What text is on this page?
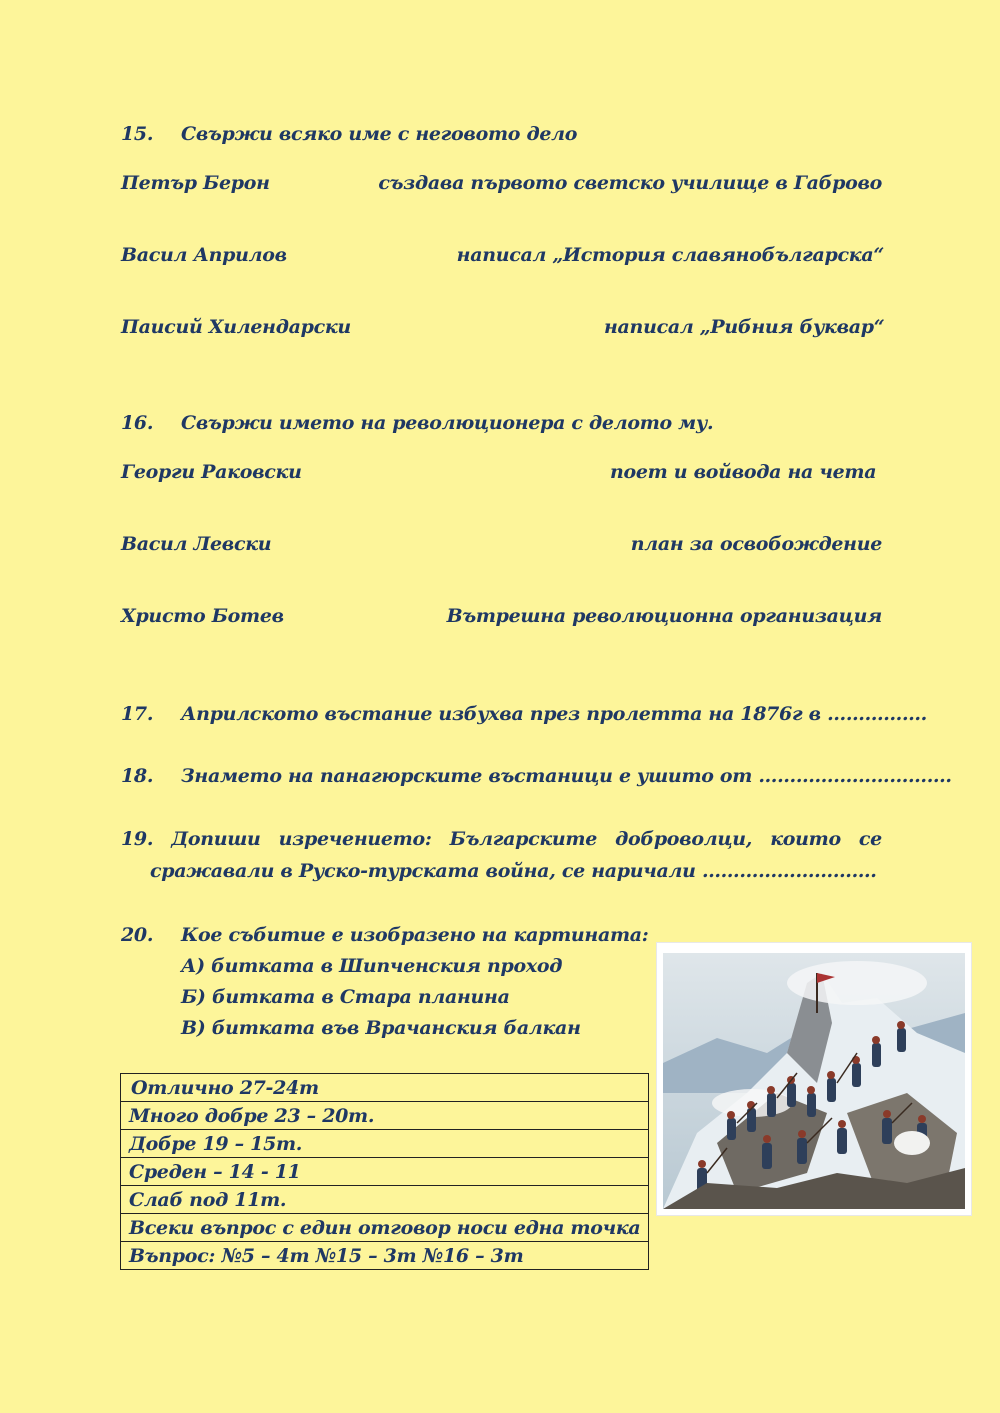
15. Свържи всяко име с неговото дело
Петър Берон	създава първото светско училище в Габрово
Васил Априлов	написал „История славянобългарска“
Паисий Хилендарски	написал „Рибния буквар“
16. Свържи името на революционера с делото му.
Георги Раковски	поет и войвода на чета
Васил Левски	план за освобождение
Христо Ботев	Вътрешна революционна организация
17. Априлското въстание избухва през пролетта на 1876г в …………….
18. Знамето на панагюрските въстаници е ушито от ………………………….
19. Допиши изречението: Българските доброволци, които се
сражавали в Руско-турската война, се наричали ……………………….
20. Кое събитие е изобразено на картината:
А) битката в Шипченския проход
Б) битката в Стара планина
В) битката във Врачанския балкан
Отлично 27-24т
Много добре 23 – 20т.
Добре 19 – 15т.
Среден – 14 - 11
Слаб под 11т.
Всеки въпрос с един отговор носи една точка
Въпрос: №5 – 4т №15 – 3т №16 – 3т
